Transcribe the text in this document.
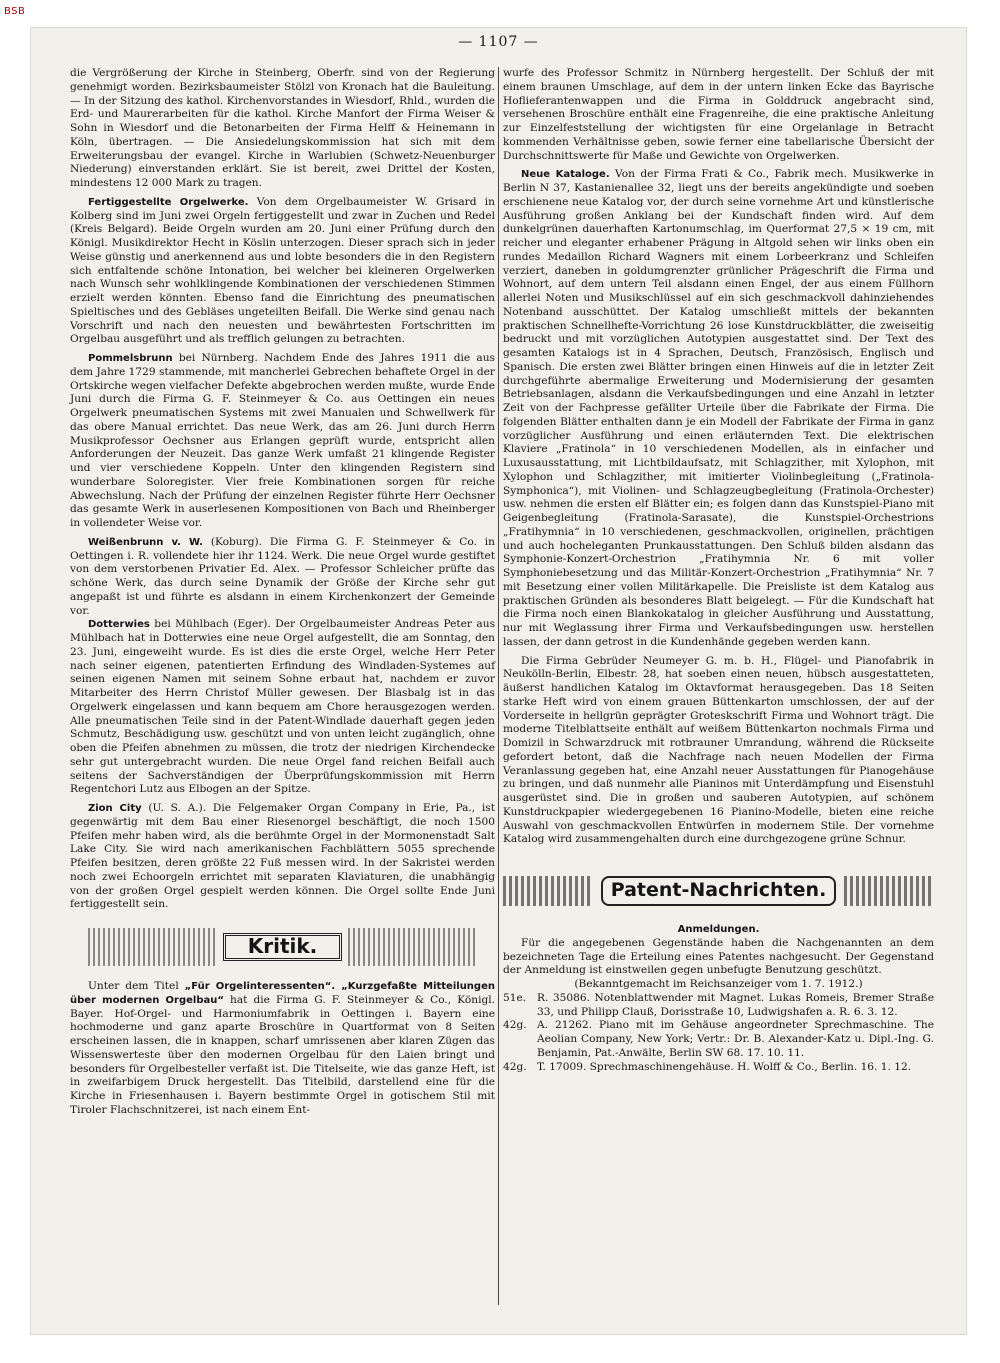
BSB
— 1107 —

die Vergrößerung der Kirche in Steinberg, Oberfr. sind von der Regierung genehmigt worden. Bezirksbaumeister Stölzl von Kronach hat die Bauleitung. — In der Sitzung des kathol. Kirchenvorstandes in Wiesdorf, Rhld., wurden die Erd- und Maurerarbeiten für die kathol. Kirche Manfort der Firma Weiser & Sohn in Wiesdorf und die Betonarbeiten der Firma Helff & Heinemann in Köln, übertragen. — Die Ansiedelungskommission hat sich mit dem Erweiterungsbau der evangel. Kirche in Warlubien (Schwetz-Neuenburger Niederung) einverstanden erklärt. Sie ist bereit, zwei Drittel der Kosten, mindestens 12 000 Mark zu tragen.

Fertiggestellte Orgelwerke. Von dem Orgelbaumeister W. Grisard in Kolberg sind im Juni zwei Orgeln fertiggestellt und zwar in Zuchen und Redel (Kreis Belgard). Beide Orgeln wurden am 20. Juni einer Prüfung durch den Königl. Musikdirektor Hecht in Köslin unterzogen. Dieser sprach sich in jeder Weise günstig und anerkennend aus und lobte besonders die in den Registern sich entfaltende schöne Intonation, bei welcher bei kleineren Orgelwerken nach Wunsch sehr wohlklingende Kombinationen der verschiedenen Stimmen erzielt werden könnten. Ebenso fand die Einrichtung des pneumatischen Spieltisches und des Gebläses ungeteilten Beifall. Die Werke sind genau nach Vorschrift und nach den neuesten und bewährtesten Fortschritten im Orgelbau ausgeführt und als trefflich gelungen zu betrachten.

Pommelsbrunn bei Nürnberg. Nachdem Ende des Jahres 1911 die aus dem Jahre 1729 stammende, mit mancherlei Gebrechen behaftete Orgel in der Ortskirche wegen vielfacher Defekte abgebrochen werden mußte, wurde Ende Juni durch die Firma G. F. Steinmeyer & Co. aus Oettingen ein neues Orgelwerk pneumatischen Systems mit zwei Manualen und Schwellwerk für das obere Manual errichtet. Das neue Werk, das am 26. Juni durch Herrn Musikprofessor Oechsner aus Erlangen geprüft wurde, entspricht allen Anforderungen der Neuzeit. Das ganze Werk umfaßt 21 klingende Register und vier verschiedene Koppeln. Unter den klingenden Registern sind wunderbare Soloregister. Vier freie Kombinationen sorgen für reiche Abwechslung. Nach der Prüfung der einzelnen Register führte Herr Oechsner das gesamte Werk in auserlesenen Kompositionen von Bach und Rheinberger in vollendeter Weise vor.

Weißenbrunn v. W. (Koburg). Die Firma G. F. Steinmeyer & Co. in Oettingen i. R. vollendete hier ihr 1124. Werk. Die neue Orgel wurde gestiftet von dem verstorbenen Privatier Ed. Alex. — Professor Schleicher prüfte das schöne Werk, das durch seine Dynamik der Größe der Kirche sehr gut angepaßt ist und führte es alsdann in einem Kirchenkonzert der Gemeinde vor.

Dotterwies bei Mühlbach (Eger). Der Orgelbaumeister Andreas Peter aus Mühlbach hat in Dotterwies eine neue Orgel aufgestellt, die am Sonntag, den 23. Juni, eingeweiht wurde. Es ist dies die erste Orgel, welche Herr Peter nach seiner eigenen, patentierten Erfindung des Windladen-Systemes auf seinen eigenen Namen mit seinem Sohne erbaut hat, nachdem er zuvor Mitarbeiter des Herrn Christof Müller gewesen. Der Blasbalg ist in das Orgelwerk eingelassen und kann bequem am Chore herausgezogen werden. Alle pneumatischen Teile sind in der Patent-Windlade dauerhaft gegen jeden Schmutz, Beschädigung usw. geschützt und von unten leicht zugänglich, ohne oben die Pfeifen abnehmen zu müssen, die trotz der niedrigen Kirchendecke sehr gut untergebracht wurden. Die neue Orgel fand reichen Beifall auch seitens der Sachverständigen der Überprüfungskommission mit Herrn Regentchori Lutz aus Elbogen an der Spitze.

Zion City (U. S. A.). Die Felgemaker Organ Company in Erie, Pa., ist gegenwärtig mit dem Bau einer Riesenorgel beschäftigt, die noch 1500 Pfeifen mehr haben wird, als die berühmte Orgel in der Mormonenstadt Salt Lake City. Sie wird nach amerikanischen Fachblättern 5055 sprechende Pfeifen besitzen, deren größte 22 Fuß messen wird. In der Sakristei werden noch zwei Echoorgeln errichtet mit separaten Klaviaturen, die unabhängig von der großen Orgel gespielt werden können. Die Orgel sollte Ende Juni fertiggestellt sein.

Kritik.

Unter dem Titel „Für Orgelinteressenten“. „Kurzgefaßte Mitteilungen über modernen Orgelbau“ hat die Firma G. F. Steinmeyer & Co., Königl. Bayer. Hof-Orgel- und Harmoniumfabrik in Oettingen i. Bayern eine hochmoderne und ganz aparte Broschüre in Quartformat von 8 Seiten erscheinen lassen, die in knappen, scharf umrissenen aber klaren Zügen das Wissenswerteste über den modernen Orgelbau für den Laien bringt und besonders für Orgelbesteller verfaßt ist. Die Titelseite, wie das ganze Heft, ist in zweifarbigem Druck hergestellt. Das Titelbild, darstellend eine für die Kirche in Friesenhausen i. Bayern bestimmte Orgel in gotischem Stil mit Tiroler Flachschnitzerei, ist nach einem Ent-

wurfe des Professor Schmitz in Nürnberg hergestellt. Der Schluß der mit einem braunen Umschlage, auf dem in der untern linken Ecke das Bayrische Hoflieferantenwappen und die Firma in Golddruck angebracht sind, versehenen Broschüre enthält eine Fragenreihe, die eine praktische Anleitung zur Einzelfeststellung der wichtigsten für eine Orgelanlage in Betracht kommenden Verhältnisse geben, sowie ferner eine tabellarische Übersicht der Durchschnittswerte für Maße und Gewichte von Orgelwerken.

Neue Kataloge. Von der Firma Frati & Co., Fabrik mech. Musikwerke in Berlin N 37, Kastanienallee 32, liegt uns der bereits angekündigte und soeben erschienene neue Katalog vor, der durch seine vornehme Art und künstlerische Ausführung großen Anklang bei der Kundschaft finden wird. Auf dem dunkelgrünen dauerhaften Kartonumschlag, im Querformat 27,5 × 19 cm, mit reicher und eleganter erhabener Prägung in Altgold sehen wir links oben ein rundes Medaillon Richard Wagners mit einem Lorbeerkranz und Schleifen verziert, daneben in goldumgrenzter grünlicher Prägeschrift die Firma und Wohnort, auf dem untern Teil alsdann einen Engel, der aus einem Füllhorn allerlei Noten und Musikschlüssel auf ein sich geschmackvoll dahinziehendes Notenband ausschüttet. Der Katalog umschließt mittels der bekannten praktischen Schnellhefte-Vorrichtung 26 lose Kunstdruckblätter, die zweiseitig bedruckt und mit vorzüglichen Autotypien ausgestattet sind. Der Text des gesamten Katalogs ist in 4 Sprachen, Deutsch, Französisch, Englisch und Spanisch. Die ersten zwei Blätter bringen einen Hinweis auf die in letzter Zeit durchgeführte abermalige Erweiterung und Modernisierung der gesamten Betriebsanlagen, alsdann die Verkaufsbedingungen und eine Anzahl in letzter Zeit von der Fachpresse gefällter Urteile über die Fabrikate der Firma. Die folgenden Blätter enthalten dann je ein Modell der Fabrikate der Firma in ganz vorzüglicher Ausführung und einen erläuternden Text. Die elektrischen Klaviere „Fratinola“ in 10 verschiedenen Modellen, als in einfacher und Luxusausstattung, mit Lichtbildaufsatz, mit Schlagzither, mit Xylophon, mit Xylophon und Schlagzither, mit imitierter Violinbegleitung („Fratinola-Symphonica“), mit Violinen- und Schlagzeugbegleitung (Fratinola-Orchester) usw. nehmen die ersten elf Blätter ein; es folgen dann das Kunstspiel-Piano mit Geigenbegleitung (Fratinola-Sarasate), die Kunstspiel-Orchestrions „Fratihymnia“ in 10 verschiedenen, geschmackvollen, originellen, prächtigen und auch hocheleganten Prunkausstattungen. Den Schluß bilden alsdann das Symphonie-Konzert-Orchestrion „Fratihymnia Nr. 6 mit voller Symphoniebesetzung und das Militär-Konzert-Orchestrion „Fratihymnia“ Nr. 7 mit Besetzung einer vollen Militärkapelle. Die Preisliste ist dem Katalog aus praktischen Gründen als besonderes Blatt beigelegt. — Für die Kundschaft hat die Firma noch einen Blankokatalog in gleicher Ausführung und Ausstattung, nur mit Weglassung ihrer Firma und Verkaufsbedingungen usw. herstellen lassen, der dann getrost in die Kundenhände gegeben werden kann.

Die Firma Gebrüder Neumeyer G. m. b. H., Flügel- und Pianofabrik in Neukölln-Berlin, Elbestr. 28, hat soeben einen neuen, hübsch ausgestatteten, äußerst handlichen Katalog im Oktavformat herausgegeben. Das 18 Seiten starke Heft wird von einem grauen Büttenkarton umschlossen, der auf der Vorderseite in hellgrün geprägter Groteskschrift Firma und Wohnort trägt. Die moderne Titelblattseite enthält auf weißem Büttenkarton nochmals Firma und Domizil in Schwarzdruck mit rotbrauner Umrandung, während die Rückseite gefordert betont, daß die Nachfrage nach neuen Modellen der Firma Veranlassung gegeben hat, eine Anzahl neuer Ausstattungen für Pianogehäuse zu bringen, und daß nunmehr alle Pianinos mit Unterdämpfung und Eisenstuhl ausgerüstet sind. Die in großen und sauberen Autotypien, auf schönem Kunstdruckpapier wiedergegebenen 16 Pianino-Modelle, bieten eine reiche Auswahl von geschmackvollen Entwürfen in modernem Stile. Der vornehme Katalog wird zusammengehalten durch eine durchgezogene grüne Schnur.

Patent-Nachrichten.
Anmeldungen.

Für die angegebenen Gegenstände haben die Nachgenannten an dem bezeichneten Tage die Erteilung eines Patentes nachgesucht. Der Gegenstand der Anmeldung ist einstweilen gegen unbefugte Benutzung geschützt.

(Bekanntgemacht im Reichsanzeiger vom 1. 7. 1912.)

51e.	R. 35086. Notenblattwender mit Magnet. Lukas Romeis, Bremer Straße 33, und Philipp Clauß, Dorisstraße 10, Ludwigshafen a. R. 6. 3. 12.
42g. A. 21262. Piano mit im Gehäuse angeordneter Sprechmaschine. The Aeolian Company, New York; Vertr.: Dr. B. Alexander-Katz u. Dipl.-Ing. G. Benjamin, Pat.-Anwälte, Berlin SW 68. 17. 10. 11.
42g. T. 17009. Sprechmaschinengehäuse. H. Wolff & Co., Berlin. 16. 1. 12.
